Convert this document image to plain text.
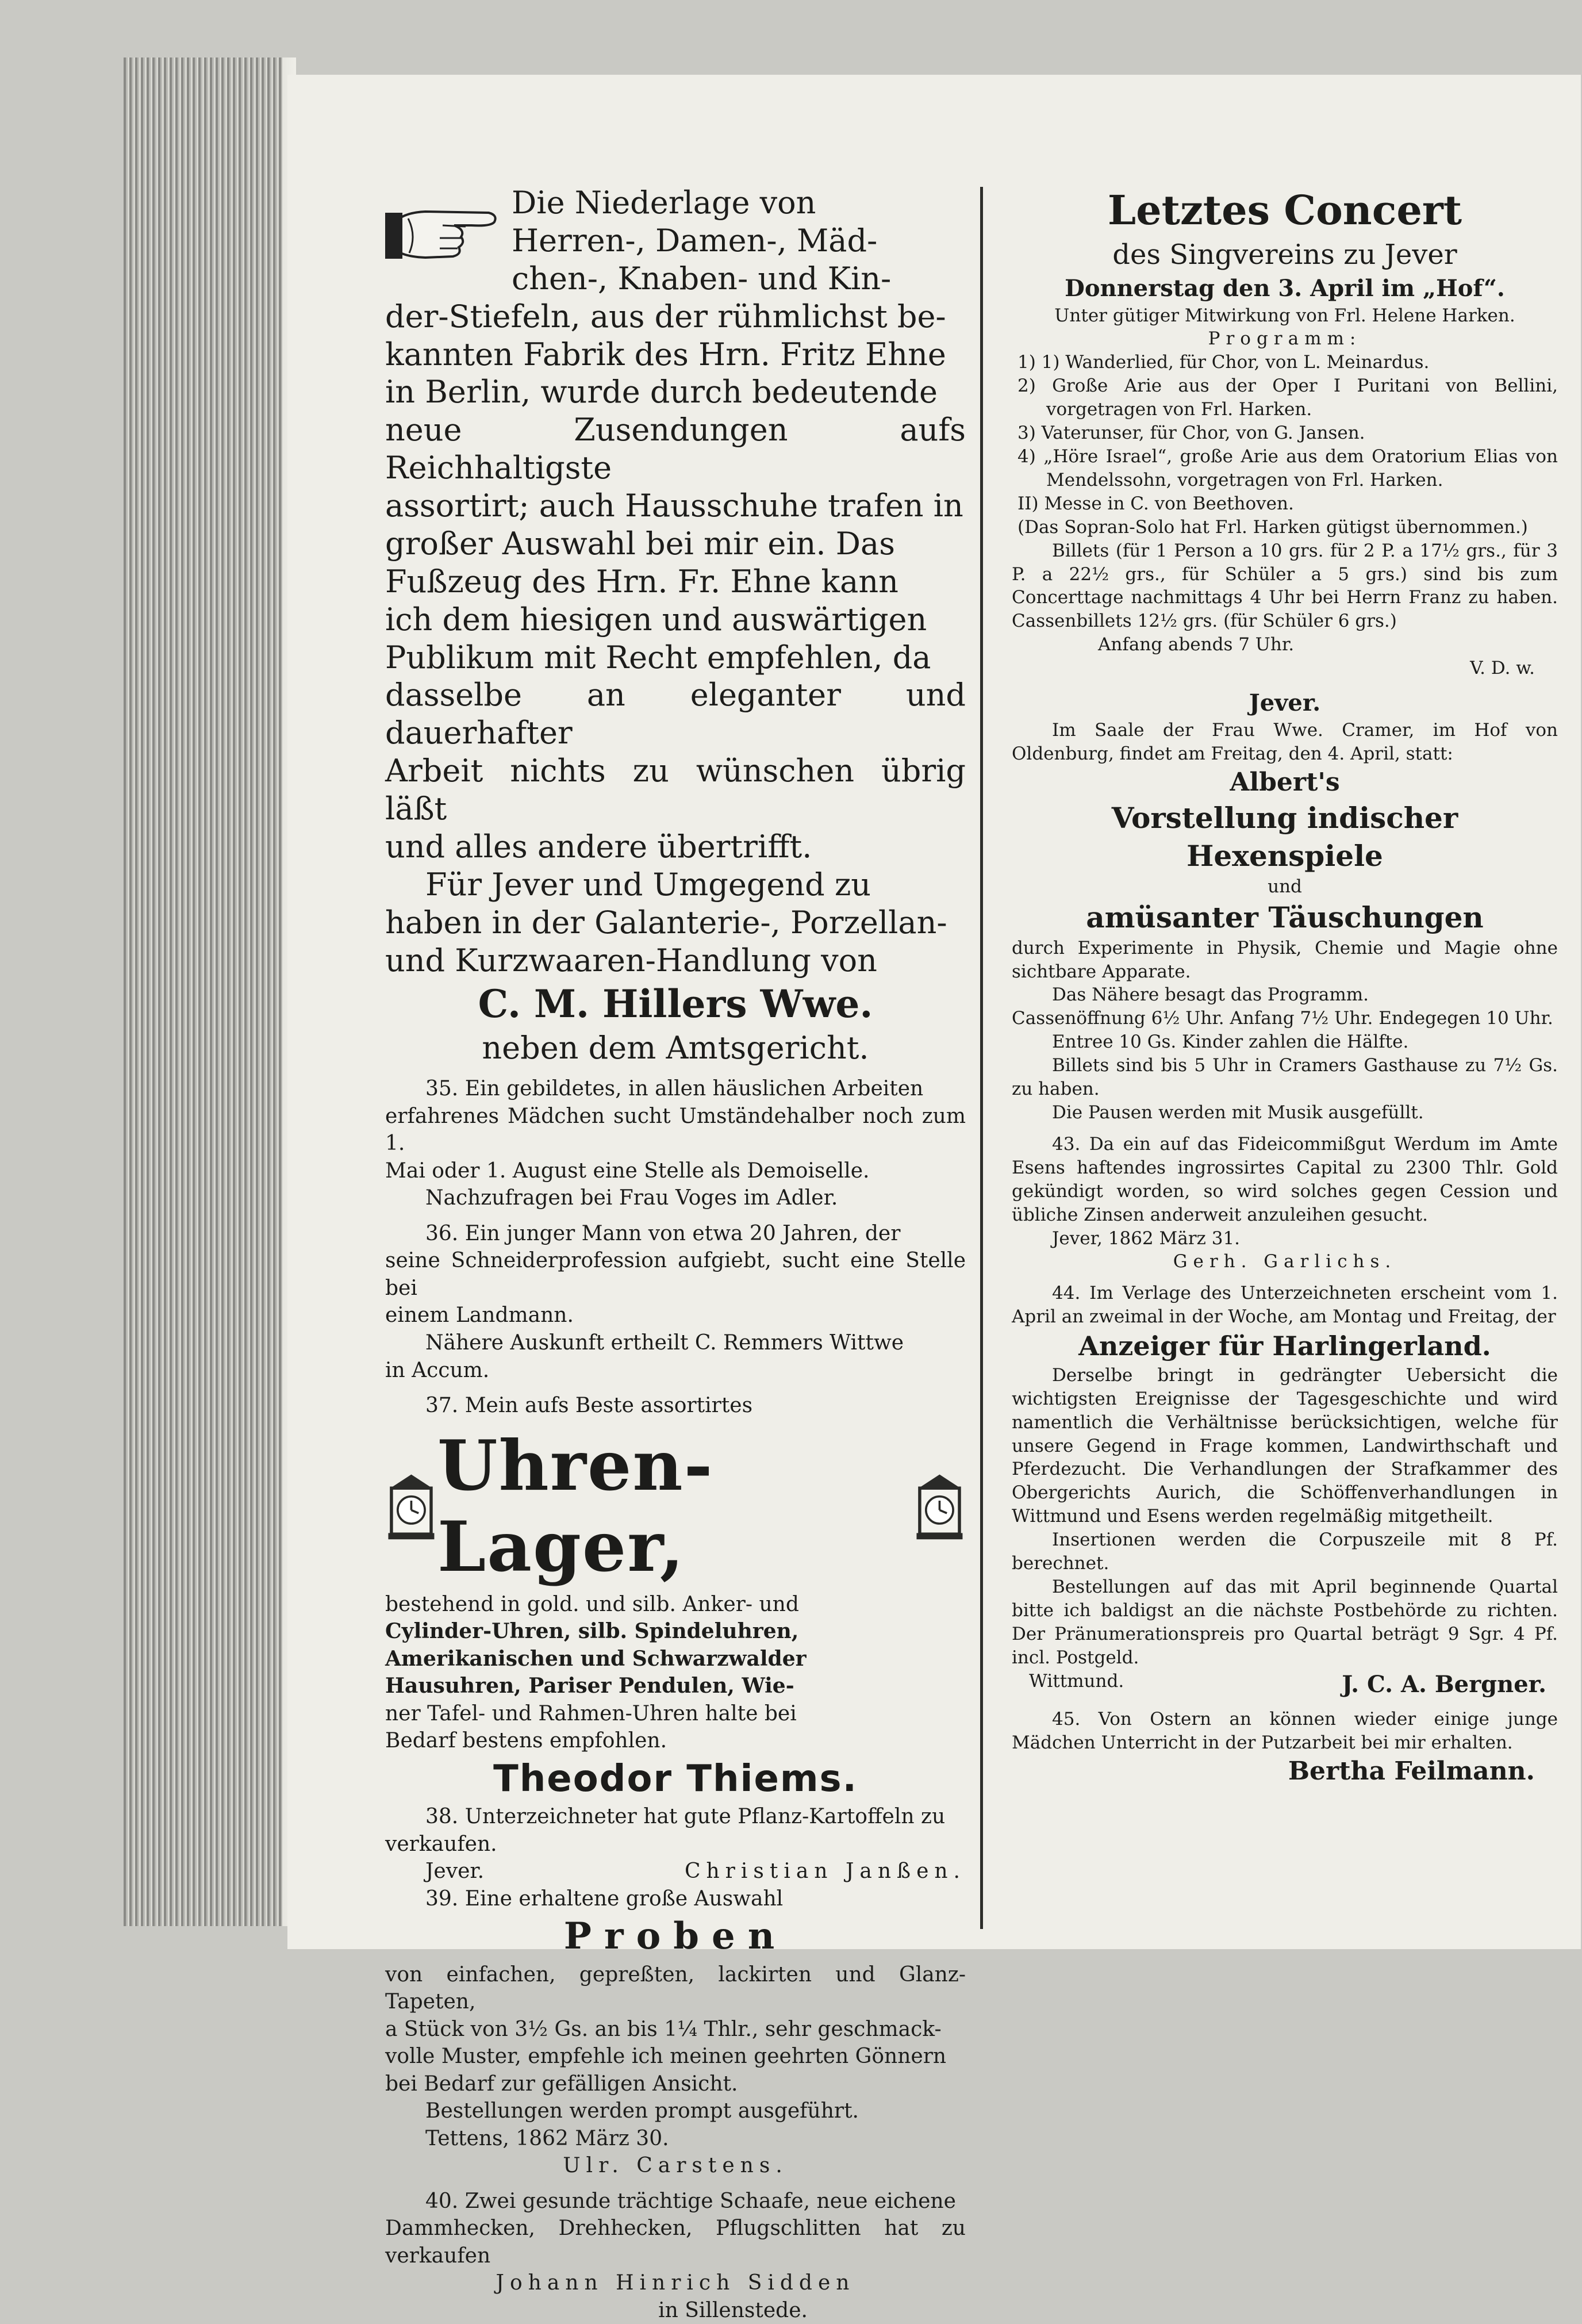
Die Niederlage von

Herren-, Damen-, Mäd-

chen-, Knaben- und Kin-

der-Stiefeln, aus der rühmlichst be-

kannten Fabrik des Hrn. Fritz Ehne

in Berlin, wurde durch bedeutende

neue Zusendungen aufs Reichhaltigste

assortirt; auch Hausschuhe trafen in

großer Auswahl bei mir ein. Das

Fußzeug des Hrn. Fr. Ehne kann

ich dem hiesigen und auswärtigen

Publikum mit Recht empfehlen, da

dasselbe an eleganter und dauerhafter

Arbeit nichts zu wünschen übrig läßt

und alles andere übertrifft.

Für Jever und Umgegend zu

haben in der Galanterie-, Porzellan-

und Kurzwaaren-Handlung von

C. M. Hillers Wwe.

neben dem Amtsgericht.

35. Ein gebildetes, in allen häuslichen Arbeiten

erfahrenes Mädchen sucht Umständehalber noch zum 1.

Mai oder 1. August eine Stelle als Demoiselle.

Nachzufragen bei Frau Voges im Adler.

36. Ein junger Mann von etwa 20 Jahren, der

seine Schneiderprofession aufgiebt, sucht eine Stelle bei

einem Landmann.

Nähere Auskunft ertheilt C. Remmers Wittwe

in Accum.

37. Mein aufs Beste assortirtes

Uhren-Lager,

bestehend in gold. und silb. Anker- und

Cylinder-Uhren, silb. Spindeluhren,

Amerikanischen und Schwarzwalder

Hausuhren, Pariser Pendulen, Wie-

ner Tafel- und Rahmen-Uhren halte bei

Bedarf bestens empfohlen.

Theodor Thiems.

38. Unterzeichneter hat gute Pflanz-Kartoffeln zu

verkaufen.

Jever.	Christian Janßen.

39. Eine erhaltene große Auswahl

Proben

von einfachen, gepreßten, lackirten und Glanz-Tapeten,

a Stück von 3½ Gs. an bis 1¼ Thlr., sehr geschmack-

volle Muster, empfehle ich meinen geehrten Gönnern

bei Bedarf zur gefälligen Ansicht.

Bestellungen werden prompt ausgeführt.

Tettens, 1862 März 30.

Ulr. Carstens.

40. Zwei gesunde trächtige Schaafe, neue eichene

Dammhecken, Drehhecken, Pflugschlitten hat zu verkaufen

Johann Hinrich Sidden

in Sillenstede.

Letztes Concert

des Singvereins zu Jever

Donnerstag den 3. April im „Hof“.

Unter gütiger Mitwirkung von Frl. Helene Harken.

Programm:

1) 1) Wanderlied, für Chor, von L. Meinardus.

2) Große Arie aus der Oper I Puritani von Bellini, vorgetragen von Frl. Harken.

3) Vaterunser, für Chor, von G. Jansen.

4) „Höre Israel“, große Arie aus dem Oratorium Elias von Mendelssohn, vorgetragen von Frl. Harken.

II) Messe in C. von Beethoven.

(Das Sopran-Solo hat Frl. Harken gütigst übernommen.)

Billets (für 1 Person a 10 grs. für 2 P. a 17½ grs., für 3 P. a 22½ grs., für Schüler a 5 grs.) sind bis zum Concerttage nachmittags 4 Uhr bei Herrn Franz zu haben. Cassenbillets 12½ grs. (für Schüler 6 grs.)

Anfang abends 7 Uhr.

V. D. w.

Jever.

Im Saale der Frau Wwe. Cramer, im Hof von Oldenburg, findet am Freitag, den 4. April, statt:

Albert's

Vorstellung indischer Hexenspiele

und

amüsanter Täuschungen

durch Experimente in Physik, Chemie und Magie ohne sichtbare Apparate.

Das Nähere besagt das Programm.

Cassenöffnung 6½ Uhr. Anfang 7½ Uhr. Endegegen 10 Uhr.

Entree 10 Gs. Kinder zahlen die Hälfte.

Billets sind bis 5 Uhr in Cramers Gasthause zu 7½ Gs. zu haben.

Die Pausen werden mit Musik ausgefüllt.

43. Da ein auf das Fideicommißgut Werdum im Amte Esens haftendes ingrossirtes Capital zu 2300 Thlr. Gold gekündigt worden, so wird solches gegen Cession und übliche Zinsen anderweit anzuleihen gesucht.

Jever, 1862 März 31.

Gerh. Garlichs.

44. Im Verlage des Unterzeichneten erscheint vom 1. April an zweimal in der Woche, am Montag und Freitag, der

Anzeiger für Harlingerland.

Derselbe bringt in gedrängter Uebersicht die wichtigsten Ereignisse der Tagesgeschichte und wird namentlich die Verhältnisse berücksichtigen, welche für unsere Gegend in Frage kommen, Landwirthschaft und Pferdezucht. Die Verhandlungen der Strafkammer des Obergerichts Aurich, die Schöffenverhandlungen in Wittmund und Esens werden regelmäßig mitgetheilt.

Insertionen werden die Corpuszeile mit 8 Pf. berechnet.

Bestellungen auf das mit April beginnende Quartal bitte ich baldigst an die nächste Postbehörde zu richten. Der Pränumerationspreis pro Quartal beträgt 9 Sgr. 4 Pf. incl. Postgeld.

Wittmund.	J. C. A. Bergner.

45. Von Ostern an können wieder einige junge Mädchen Unterricht in der Putzarbeit bei mir erhalten.

Bertha Feilmann.
